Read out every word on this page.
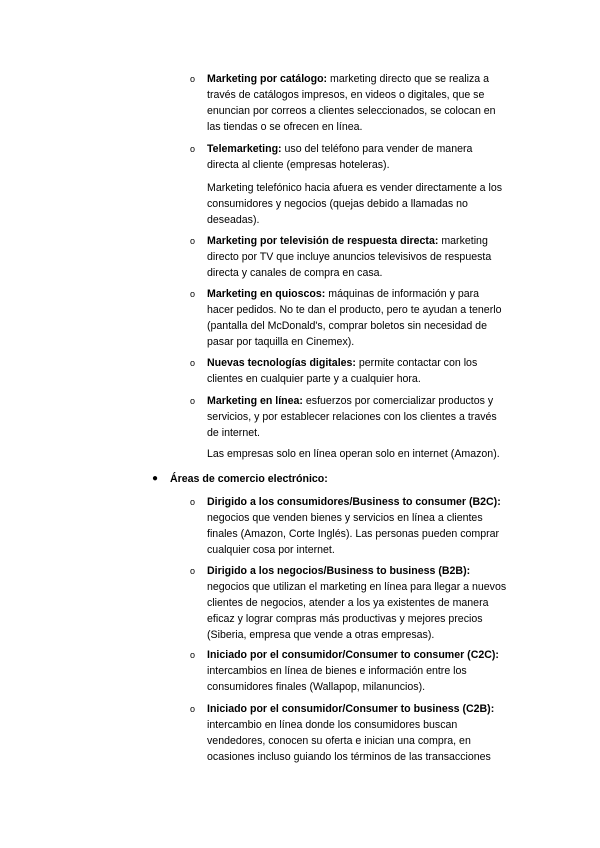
o Marketing por catálogo: marketing directo que se realiza a través de catálogos impresos, en videos o digitales, que se enuncian por correos a clientes seleccionados, se colocan en las tiendas o se ofrecen en línea.
o Telemarketing: uso del teléfono para vender de manera directa al cliente (empresas hoteleras).
Marketing telefónico hacia afuera es vender directamente a los consumidores y negocios (quejas debido a llamadas no deseadas).
o Marketing por televisión de respuesta directa: marketing directo por TV que incluye anuncios televisivos de respuesta directa y canales de compra en casa.
o Marketing en quioscos: máquinas de información y para hacer pedidos. No te dan el producto, pero te ayudan a tenerlo (pantalla del McDonald's, comprar boletos sin necesidad de pasar por taquilla en Cinemex).
o Nuevas tecnologías digitales: permite contactar con los clientes en cualquier parte y a cualquier hora.
o Marketing en línea: esfuerzos por comercializar productos y servicios, y por establecer relaciones con los clientes a través de internet.
Las empresas solo en línea operan solo en internet (Amazon).
● Áreas de comercio electrónico:
o Dirigido a los consumidores/Business to consumer (B2C): negocios que venden bienes y servicios en línea a clientes finales (Amazon, Corte Inglés). Las personas pueden comprar cualquier cosa por internet.
o Dirigido a los negocios/Business to business (B2B): negocios que utilizan el marketing en línea para llegar a nuevos clientes de negocios, atender a los ya existentes de manera eficaz y lograr compras más productivas y mejores precios (Siberia, empresa que vende a otras empresas).
o Iniciado por el consumidor/Consumer to consumer (C2C): intercambios en línea de bienes e información entre los consumidores finales (Wallapop, milanuncios).
o Iniciado por el consumidor/Consumer to business (C2B): intercambio en línea donde los consumidores buscan vendedores, conocen su oferta e inician una compra, en ocasiones incluso guiando los términos de las transacciones
